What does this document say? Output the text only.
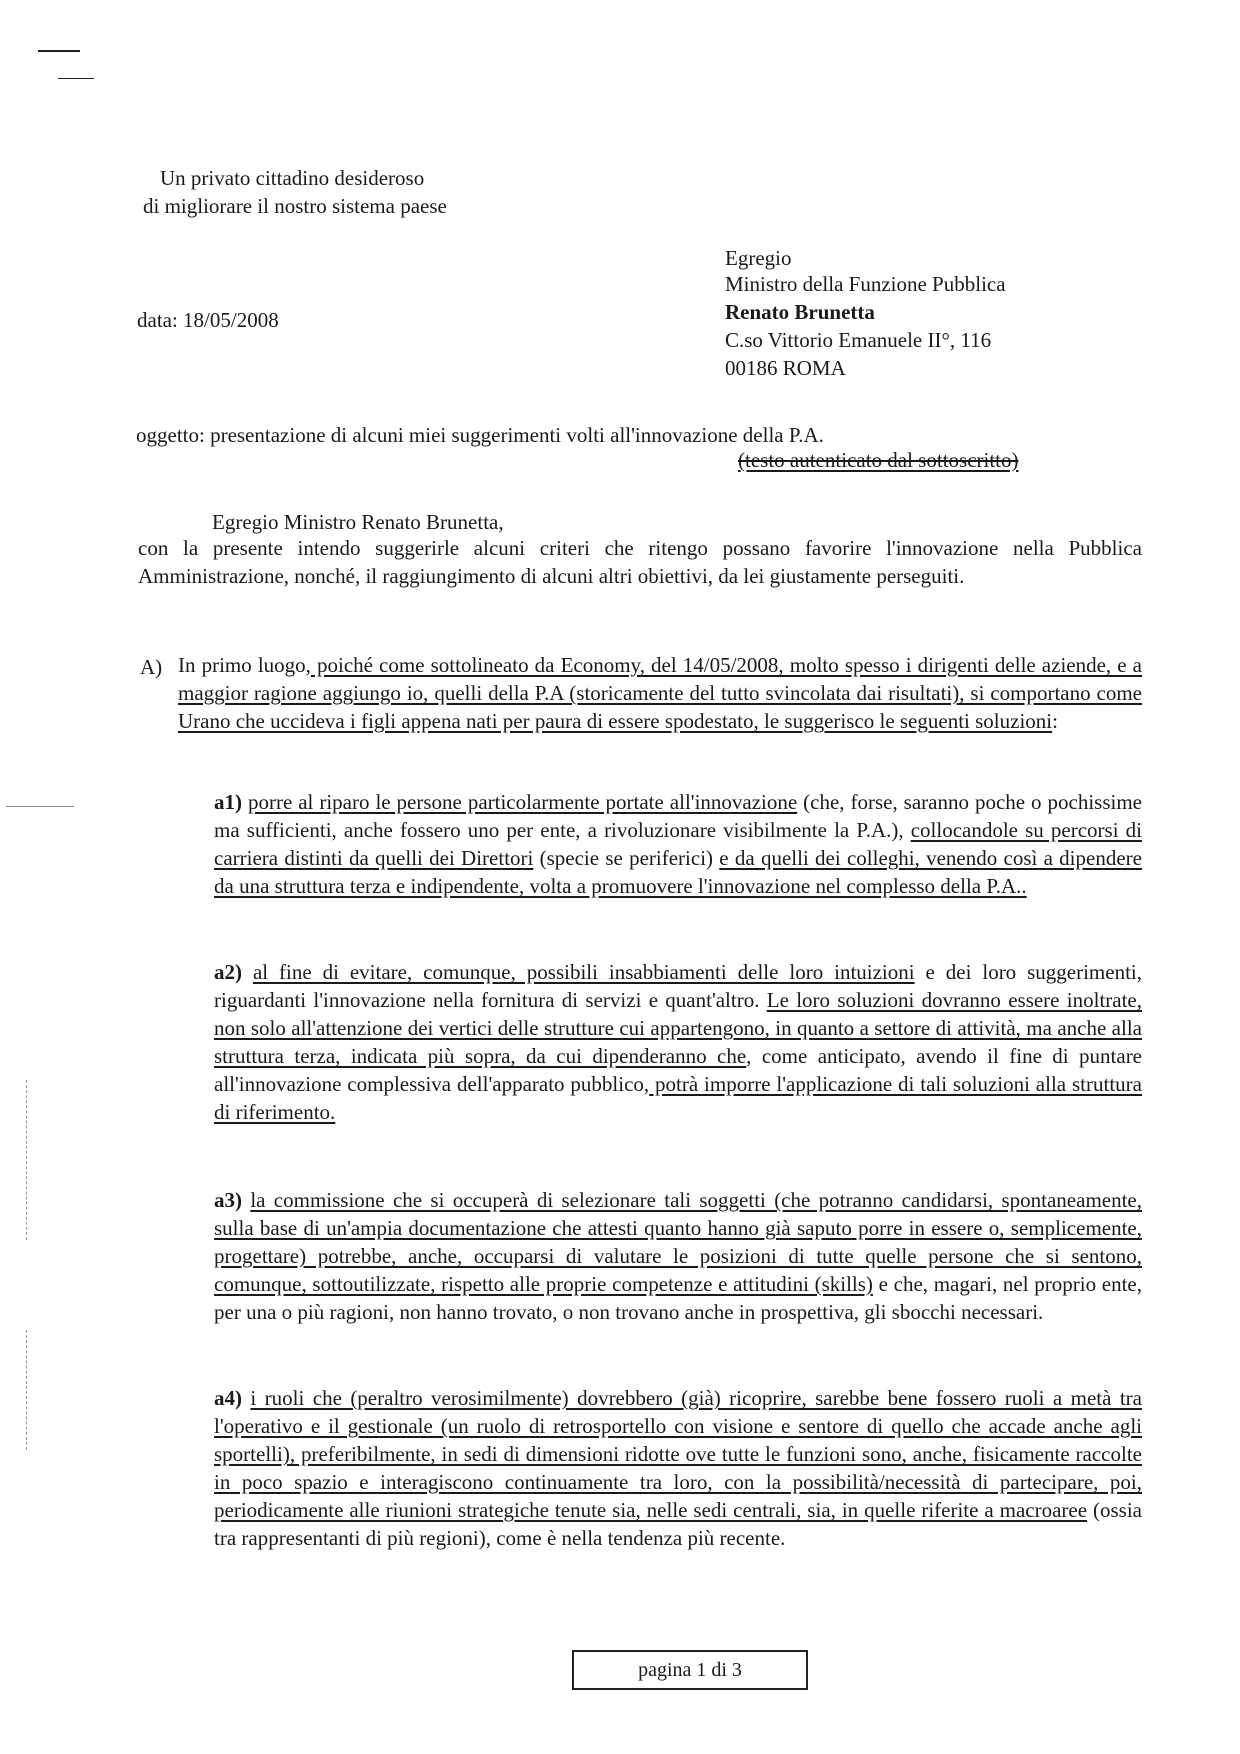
Un privato cittadino desideroso
di migliorare il nostro sistema paese
Egregio
Ministro della Funzione Pubblica
Renato Brunetta
C.so Vittorio Emanuele II°, 116
00186 ROMA
data: 18/05/2008
oggetto: presentazione di alcuni miei suggerimenti volti all'innovazione della P.A.
(testo autenticato dal sottoscritto)
Egregio Ministro Renato Brunetta,
con la presente intendo suggerirle alcuni criteri che ritengo possano favorire l'innovazione nella Pubblica Amministrazione, nonché, il raggiungimento di alcuni altri obiettivi, da lei giustamente perseguiti.
A) In primo luogo, poiché come sottolineato da Economy, del 14/05/2008, molto spesso i dirigenti delle aziende, e a maggior ragione aggiungo io, quelli della P.A (storicamente del tutto svincolata dai risultati), si comportano come Urano che uccideva i figli appena nati per paura di essere spodestato, le suggerisco le seguenti soluzioni:
a1) porre al riparo le persone particolarmente portate all'innovazione (che, forse, saranno poche o pochissime ma sufficienti, anche fossero uno per ente, a rivoluzionare visibilmente la P.A.), collocandole su percorsi di carriera distinti da quelli dei Direttori (specie se periferici) e da quelli dei colleghi, venendo così a dipendere da una struttura terza e indipendente, volta a promuovere l'innovazione nel complesso della P.A..
a2) al fine di evitare, comunque, possibili insabbiamenti delle loro intuizioni e dei loro suggerimenti, riguardanti l'innovazione nella fornitura di servizi e quant'altro. Le loro soluzioni dovranno essere inoltrate, non solo all'attenzione dei vertici delle strutture cui appartengono, in quanto a settore di attività, ma anche alla struttura terza, indicata più sopra, da cui dipenderanno che, come anticipato, avendo il fine di puntare all'innovazione complessiva dell'apparato pubblico, potrà imporre l'applicazione di tali soluzioni alla struttura di riferimento.
a3) la commissione che si occuperà di selezionare tali soggetti (che potranno candidarsi, spontaneamente, sulla base di un'ampia documentazione che attesti quanto hanno già saputo porre in essere o, semplicemente, progettare) potrebbe, anche, occuparsi di valutare le posizioni di tutte quelle persone che si sentono, comunque, sottoutilizzate, rispetto alle proprie competenze e attitudini (skills) e che, magari, nel proprio ente, per una o più ragioni, non hanno trovato, o non trovano anche in prospettiva, gli sbocchi necessari.
a4) i ruoli che (peraltro verosimilmente) dovrebbero (già) ricoprire, sarebbe bene fossero ruoli a metà tra l'operativo e il gestionale (un ruolo di retrosportello con visione e sentore di quello che accade anche agli sportelli), preferibilmente, in sedi di dimensioni ridotte ove tutte le funzioni sono, anche, fisicamente raccolte in poco spazio e interagiscono continuamente tra loro, con la possibilità/necessità di partecipare, poi, periodicamente alle riunioni strategiche tenute sia, nelle sedi centrali, sia, in quelle riferite a macroaree (ossia tra rappresentanti di più regioni), come è nella tendenza più recente.
pagina 1 di 3
